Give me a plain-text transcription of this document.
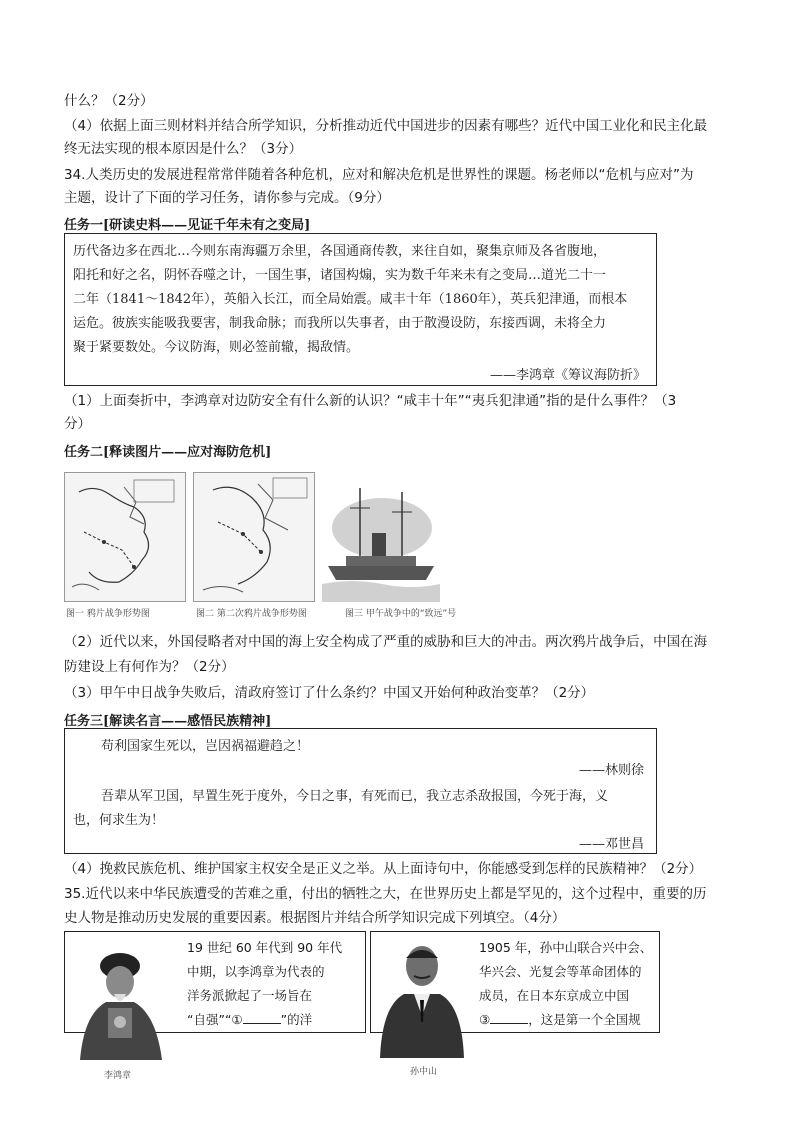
什么？（2分）
（4）依据上面三则材料并结合所学知识，分析推动近代中国进步的因素有哪些？近代中国工业化和民主化最
终无法实现的根本原因是什么？（3分）
34.人类历史的发展进程常常伴随着各种危机，应对和解决危机是世界性的课题。杨老师以“危机与应对”为
主题，设计了下面的学习任务，请你参与完成。（9分）
任务一[研读史料——见证千年未有之变局]
历代备边多在西北…今则东南海疆万余里，各国通商传教，来往自如，聚集京师及各省腹地，
阳托和好之名，阴怀吞噬之计，一国生事，诸国构煽，实为数千年来未有之变局…道光二十一
二年（1841～1842年），英船入长江，而全局始震。咸丰十年（1860年），英兵犯津通，而根本
运危。彼族实能吸我要害，制我命脉；而我所以失事者，由于散漫设防，东接西调，未将全力
聚于紧要数处。今议防海，则必签前辙，揭敌情。
——李鸿章《筹议海防折》
（1）上面奏折中，李鸿章对边防安全有什么新的认识？“咸丰十年”“夷兵犯津通”指的是什么事件？（3
分）
任务二[释读图片——应对海防危机]
图一 鸦片战争形势图	图二 第二次鸦片战争形势图	图三 甲午战争中的“致远”号
（2）近代以来，外国侵略者对中国的海上安全构成了严重的威胁和巨大的冲击。两次鸦片战争后，中国在海
防建设上有何作为？（2分）
（3）甲午中日战争失败后，清政府签订了什么条约？中国又开始何种政治变革？（2分）
任务三[解读名言——感悟民族精神]
苟利国家生死以，岂因祸福避趋之！
——林则徐
吾辈从军卫国，早置生死于度外，今日之事，有死而已，我立志杀敌报国，今死于海，义
也，何求生为！
——邓世昌
（4）挽救民族危机、维护国家主权安全是正义之举。从上面诗句中，你能感受到怎样的民族精神？（2分）
35.近代以来中华民族遭受的苦难之重，付出的牺牲之大，在世界历史上都是罕见的，这个过程中，重要的历
史人物是推动历史发展的重要因素。根据图片并结合所学知识完成下列填空。（4分）
19 世纪 60 年代到 90 年代
中期，以李鸿章为代表的
洋务派掀起了一场旨在
“自强”“①	”的洋
李鸿章
1905 年，孙中山联合兴中会、
华兴会、光复会等革命团体的
成员，在日本东京成立中国
③	，这是第一个全国规
孙中山
